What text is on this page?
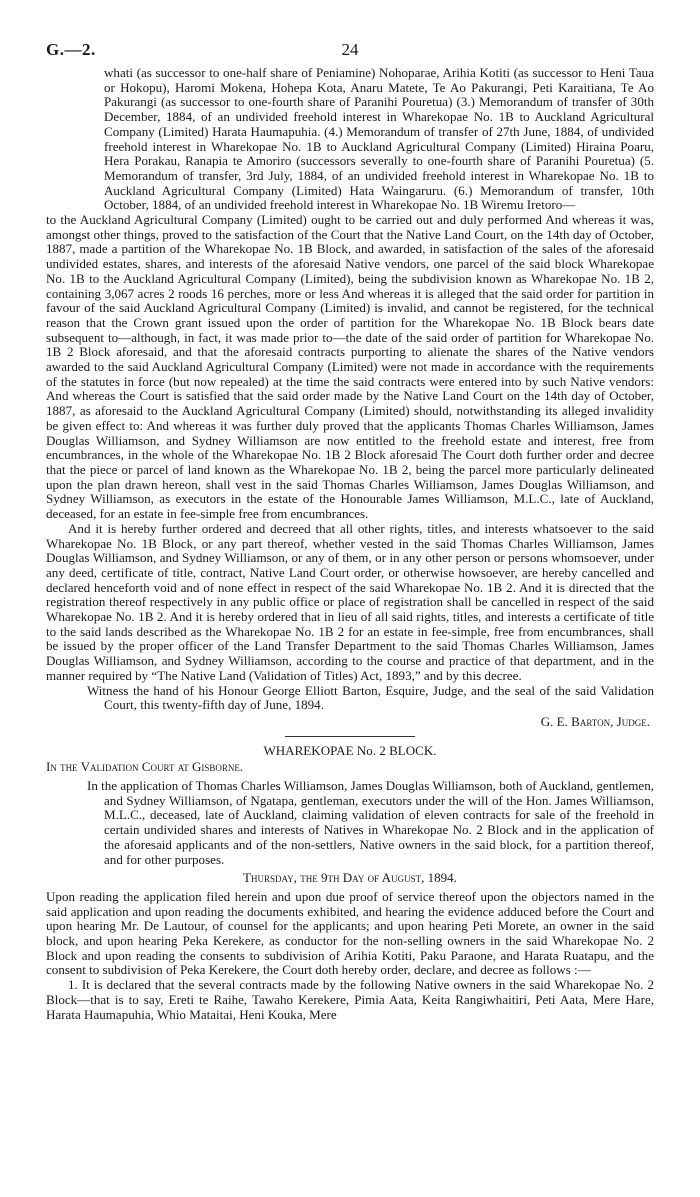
G.—2.	24

whati (as successor to one-half share of Peniamine) Nohoparae, Arihia Kotiti (as successor to Heni Taua or Hokopu), Haromi Mokena, Hohepa Kota, Anaru Matete, Te Ao Pakurangi, Peti Karaitiana, Te Ao Pakurangi (as successor to one-fourth share of Paranihi Pouretua) (3.) Memorandum of transfer of 30th December, 1884, of an undivided freehold interest in Wharekopae No. 1B to Auckland Agricultural Company (Limited) Harata Haumapuhia. (4.) Memorandum of transfer of 27th June, 1884, of undivided freehold interest in Wharekopae No. 1B to Auckland Agricultural Company (Limited) Hiraina Poaru, Hera Porakau, Ranapia te Amoriro (successors severally to one-fourth share of Paranihi Pouretua) (5. Memorandum of transfer, 3rd July, 1884, of an undivided freehold interest in Wharekopae No. 1B to Auckland Agricultural Company (Limited) Hata Waingaruru. (6.) Memorandum of transfer, 10th October, 1884, of an undivided freehold interest in Wharekopae No. 1B Wiremu Iretoro—

to the Auckland Agricultural Company (Limited) ought to be carried out and duly performed And whereas it was, amongst other things, proved to the satisfaction of the Court that the Native Land Court, on the 14th day of October, 1887, made a partition of the Wharekopae No. 1B Block, and awarded, in satisfaction of the sales of the aforesaid undivided estates, shares, and interests of the aforesaid Native vendors, one parcel of the said block Wharekopae No. 1B to the Auckland Agricultural Company (Limited), being the subdivision known as Wharekopae No. 1B 2, containing 3,067 acres 2 roods 16 perches, more or less And whereas it is alleged that the said order for partition in favour of the said Auckland Agricultural Company (Limited) is invalid, and cannot be registered, for the technical reason that the Crown grant issued upon the order of partition for the Wharekopae No. 1B Block bears date subsequent to—although, in fact, it was made prior to—the date of the said order of partition for Wharekopae No. 1B 2 Block aforesaid, and that the aforesaid contracts purporting to alienate the shares of the Native vendors awarded to the said Auckland Agricultural Company (Limited) were not made in accordance with the requirements of the statutes in force (but now repealed) at the time the said contracts were entered into by such Native vendors: And whereas the Court is satisfied that the said order made by the Native Land Court on the 14th day of October, 1887, as aforesaid to the Auckland Agricultural Company (Limited) should, notwithstanding its alleged invalidity be given effect to: And whereas it was further duly proved that the applicants Thomas Charles Williamson, James Douglas Williamson, and Sydney Williamson are now entitled to the freehold estate and interest, free from encumbrances, in the whole of the Wharekopae No. 1B 2 Block aforesaid The Court doth further order and decree that the piece or parcel of land known as the Wharekopae No. 1B 2, being the parcel more particularly delineated upon the plan drawn hereon, shall vest in the said Thomas Charles Williamson, James Douglas Williamson, and Sydney Williamson, as executors in the estate of the Honourable James Williamson, M.L.C., late of Auckland, deceased, for an estate in fee-simple free from encumbrances.

And it is hereby further ordered and decreed that all other rights, titles, and interests whatsoever to the said Wharekopae No. 1B Block, or any part thereof, whether vested in the said Thomas Charles Williamson, James Douglas Williamson, and Sydney Williamson, or any of them, or in any other person or persons whomsoever, under any deed, certificate of title, contract, Native Land Court order, or otherwise howsoever, are hereby cancelled and declared henceforth void and of none effect in respect of the said Wharekopae No. 1B 2. And it is directed that the registration thereof respectively in any public office or place of registration shall be cancelled in respect of the said Wharekopae No. 1B 2. And it is hereby ordered that in lieu of all said rights, titles, and interests a certificate of title to the said lands described as the Wharekopae No. 1B 2 for an estate in fee-simple, free from encumbrances, shall be issued by the proper officer of the Land Transfer Department to the said Thomas Charles Williamson, James Douglas Williamson, and Sydney Williamson, according to the course and practice of that department, and in the manner required by “The Native Land (Validation of Titles) Act, 1893,” and by this decree.

Witness the hand of his Honour George Elliott Barton, Esquire, Judge, and the seal of the said Validation Court, this twenty-fifth day of June, 1894.

G. E. Barton, Judge.

WHAREKOPAE No. 2 BLOCK.

In the Validation Court at Gisborne.

In the application of Thomas Charles Williamson, James Douglas Williamson, both of Auckland, gentlemen, and Sydney Williamson, of Ngatapa, gentleman, executors under the will of the Hon. James Williamson, M.L.C., deceased, late of Auckland, claiming validation of eleven contracts for sale of the freehold in certain undivided shares and interests of Natives in Wharekopae No. 2 Block and in the application of the aforesaid applicants and of the non-settlers, Native owners in the said block, for a partition thereof, and for other purposes.

Thursday, the 9th Day of August, 1894.

Upon reading the application filed herein and upon due proof of service thereof upon the objectors named in the said application and upon reading the documents exhibited, and hearing the evidence adduced before the Court and upon hearing Mr. De Lautour, of counsel for the applicants; and upon hearing Peti Morete, an owner in the said block, and upon hearing Peka Kerekere, as conductor for the non-selling owners in the said Wharekopae No. 2 Block and upon reading the consents to subdivision of Arihia Kotiti, Paku Paraone, and Harata Ruatapu, and the consent to subdivision of Peka Kerekere, the Court doth hereby order, declare, and decree as follows :—

1. It is declared that the several contracts made by the following Native owners in the said Wharekopae No. 2 Block—that is to say, Ereti te Raihe, Tawaho Kerekere, Pimia Aata, Keita Rangiwhaitiri, Peti Aata, Mere Hare, Harata Haumapuhia, Whio Mataitai, Heni Kouka, Mere
